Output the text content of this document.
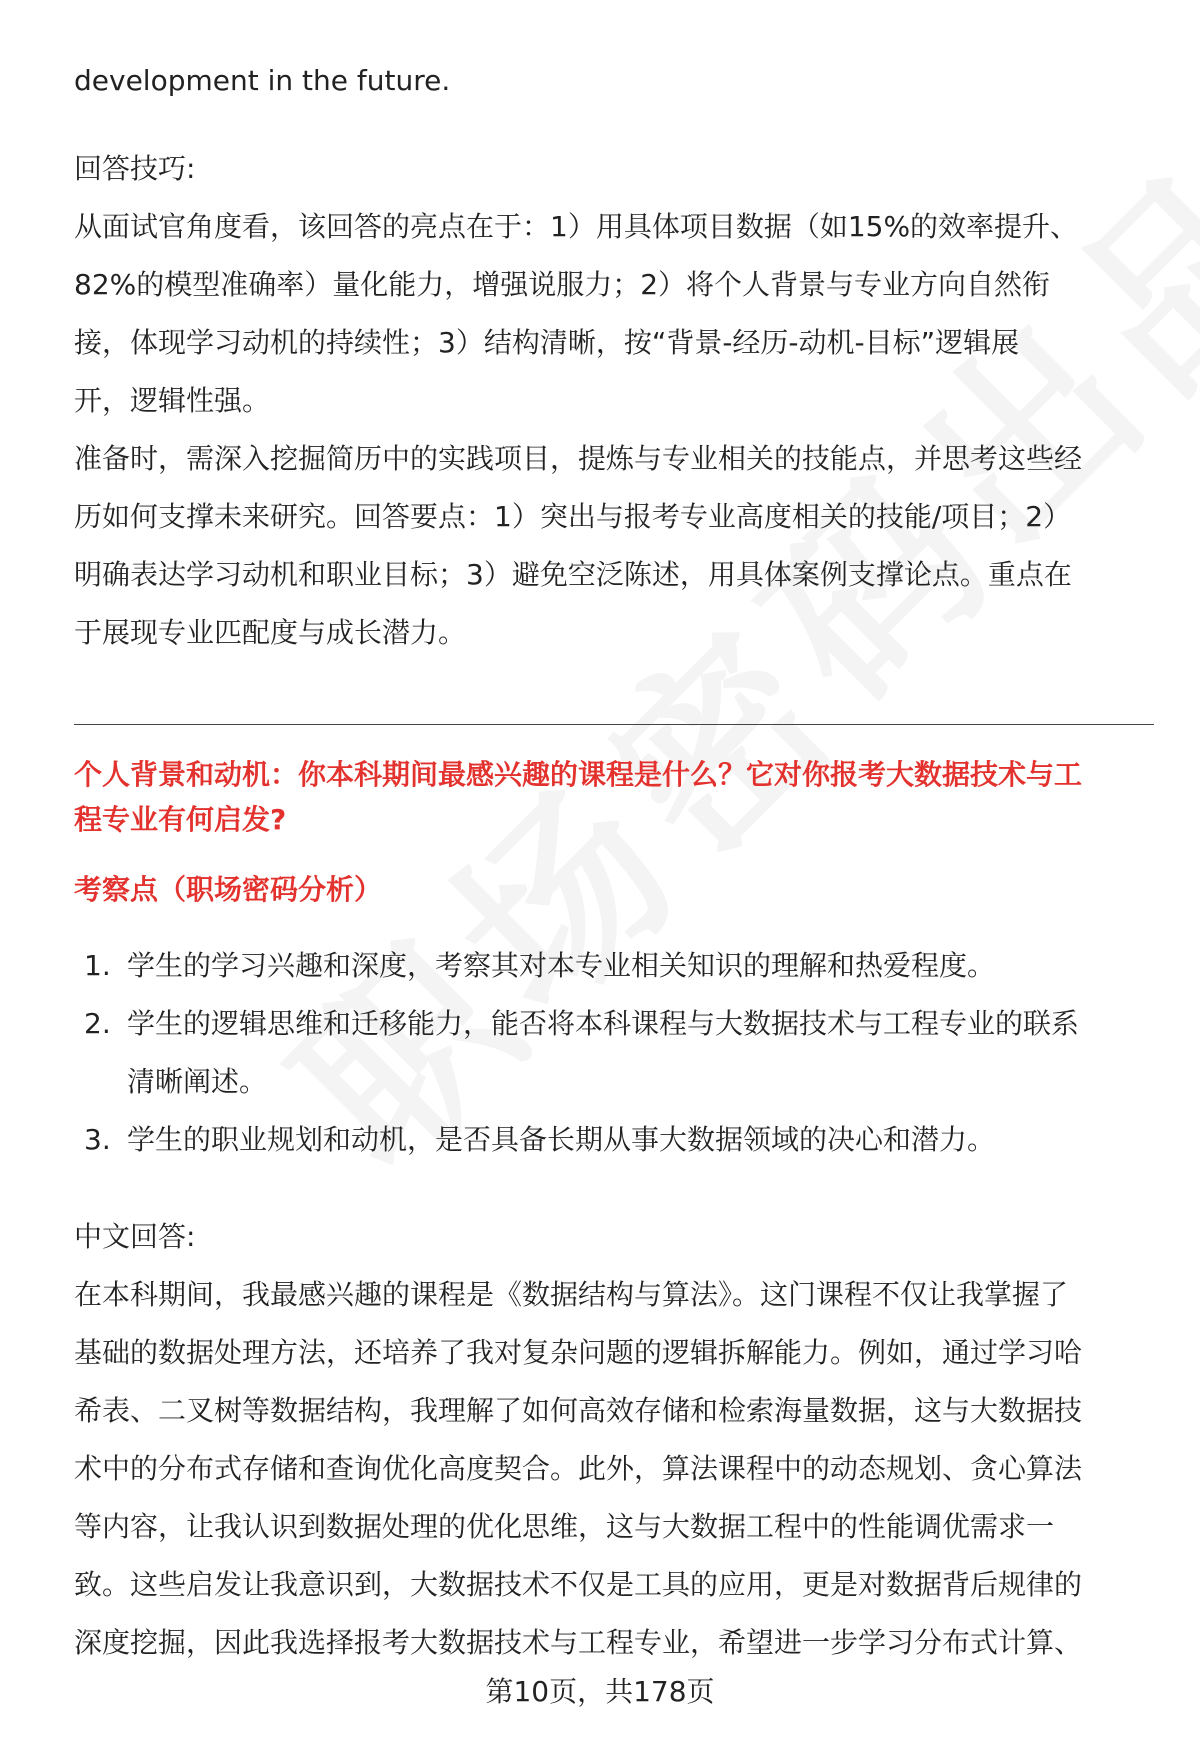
development in the future.
回答技巧:
从面试官角度看，该回答的亮点在于：1）用具体项目数据（如15%的效率提升、
82%的模型准确率）量化能力，增强说服力；2）将个人背景与专业方向自然衔
接，体现学习动机的持续性；3）结构清晰，按“背景-经历-动机-目标”逻辑展
开，逻辑性强。
准备时，需深入挖掘简历中的实践项目，提炼与专业相关的技能点，并思考这些经
历如何支撑未来研究。回答要点：1）突出与报考专业高度相关的技能/项目；2）
明确表达学习动机和职业目标；3）避免空泛陈述，用具体案例支撑论点。重点在
于展现专业匹配度与成长潜力。
个人背景和动机：你本科期间最感兴趣的课程是什么？它对你报考大数据技术与工
程专业有何启发?
考察点（职场密码分析）
1. 学生的学习兴趣和深度，考察其对本专业相关知识的理解和热爱程度。
2. 学生的逻辑思维和迁移能力，能否将本科课程与大数据技术与工程专业的联系
清晰阐述。
3. 学生的职业规划和动机，是否具备长期从事大数据领域的决心和潜力。
中文回答:
在本科期间，我最感兴趣的课程是《数据结构与算法》。这门课程不仅让我掌握了
基础的数据处理方法，还培养了我对复杂问题的逻辑拆解能力。例如，通过学习哈
希表、二叉树等数据结构，我理解了如何高效存储和检索海量数据，这与大数据技
术中的分布式存储和查询优化高度契合。此外，算法课程中的动态规划、贪心算法
等内容，让我认识到数据处理的优化思维，这与大数据工程中的性能调优需求一
致。这些启发让我意识到，大数据技术不仅是工具的应用，更是对数据背后规律的
深度挖掘，因此我选择报考大数据技术与工程专业，希望进一步学习分布式计算、
第10页，共178页
